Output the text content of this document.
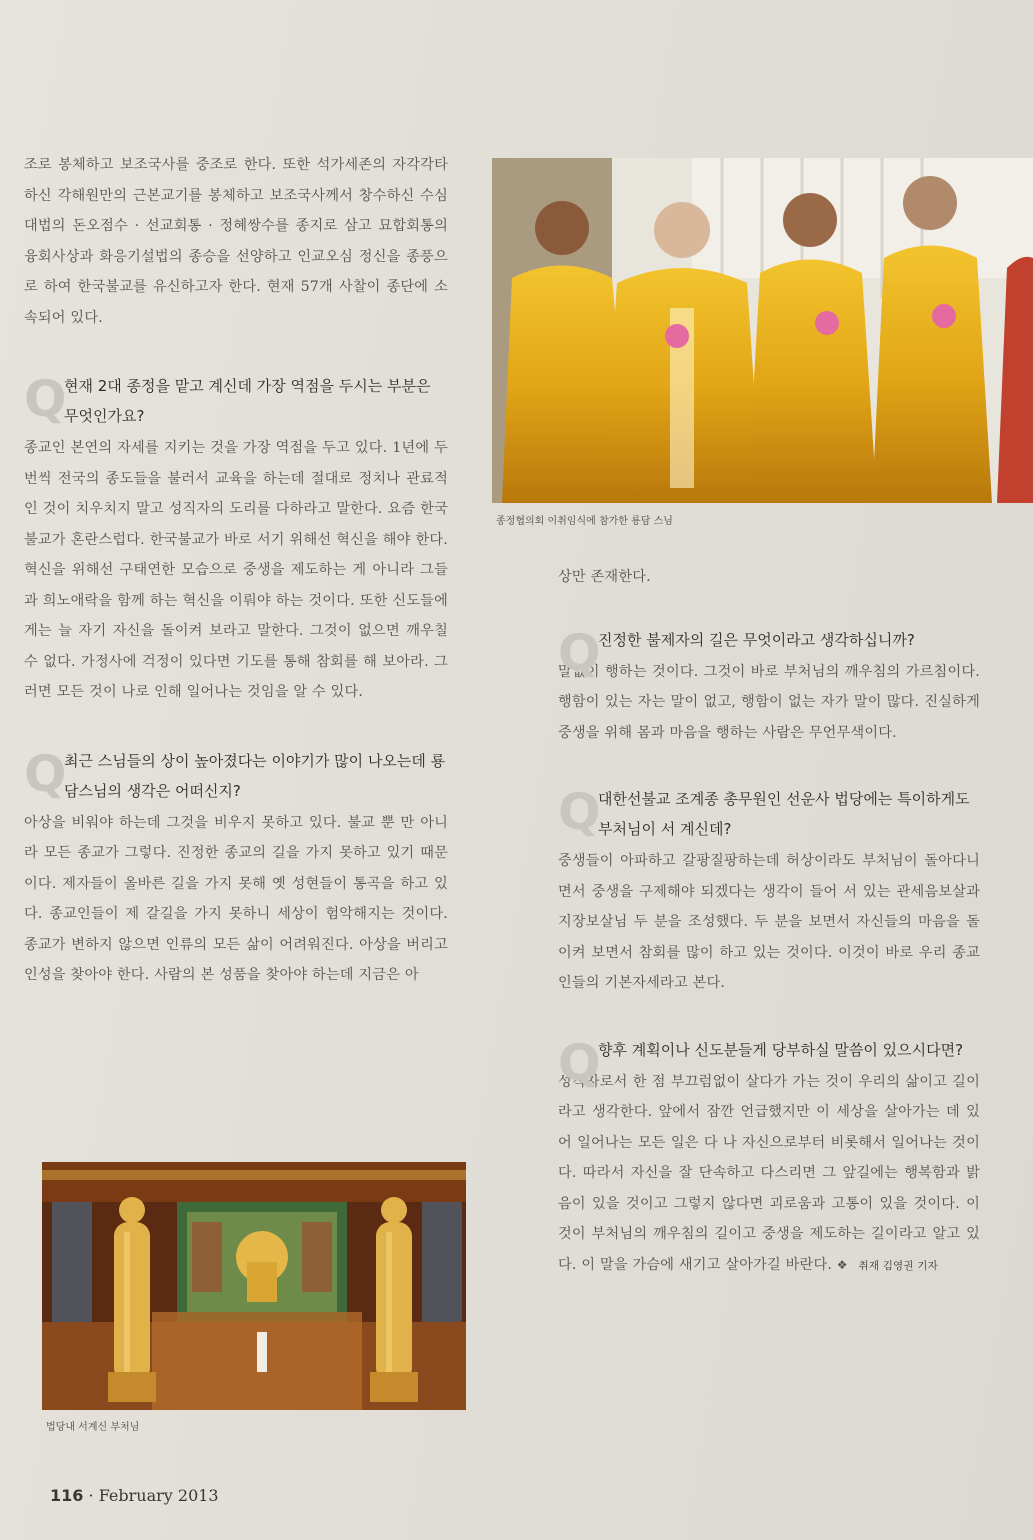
조로 봉체하고 보조국사를 중조로 한다. 또한 석가세존의 자각각타하신 각해원만의 근본교기를 봉체하고 보조국사께서 창수하신 수심대법의 돈오점수 · 선교회통 · 정혜쌍수를 종지로 삼고 묘합회통의 융회사상과 화응기설법의 종승을 선양하고 인교오심 정신을 종풍으로 하여 한국불교를 유신하고자 한다. 현재 57개 사찰이 종단에 소속되어 있다.

Q

현재 2대 종정을 맡고 계신데 가장 역점을 두시는 부분은 무엇인가요?

종교인 본연의 자세를 지키는 것을 가장 역점을 두고 있다. 1년에 두 번씩 전국의 종도들을 불러서 교육을 하는데 절대로 정치나 관료적인 것이 치우치지 말고 성직자의 도리를 다하라고 말한다. 요즘 한국불교가 혼란스럽다. 한국불교가 바로 서기 위해선 혁신을 해야 한다. 혁신을 위해선 구태연한 모습으로 중생을 제도하는 게 아니라 그들과 희노애락을 함께 하는 혁신을 이뤄야 하는 것이다. 또한 신도들에게는 늘 자기 자신을 돌이켜 보라고 말한다. 그것이 없으면 깨우칠 수 없다. 가정사에 걱정이 있다면 기도를 통해 참회를 해 보아라. 그러면 모든 것이 나로 인해 일어나는 것임을 알 수 있다.

Q

최근 스님들의 상이 높아졌다는 이야기가 많이 나오는데 룡담스님의 생각은 어떠신지?

아상을 비워야 하는데 그것을 비우지 못하고 있다. 불교 뿐 만 아니라 모든 종교가 그렇다. 진정한 종교의 길을 가지 못하고 있기 때문이다. 제자들이 올바른 길을 가지 못해 옛 성현들이 통곡을 하고 있다. 종교인들이 제 갈길을 가지 못하니 세상이 험악해지는 것이다. 종교가 변하지 않으면 인류의 모든 삶이 어려워진다. 아상을 버리고 인성을 찾아야 한다. 사람의 본 성품을 찾아야 하는데 지금은 아

법당내 서계신 부처님
종정협의회 이취임식에 참가한 룡담 스님

상만 존재한다.

Q

진정한 불제자의 길은 무엇이라고 생각하십니까?

말없이 행하는 것이다. 그것이 바로 부처님의 깨우침의 가르침이다. 행함이 있는 자는 말이 없고, 행함이 없는 자가 말이 많다. 진실하게 중생을 위해 몸과 마음을 행하는 사람은 무언무색이다.

Q

대한선불교 조계종 총무원인 선운사 법당에는 특이하게도 부처님이 서 계신데?

중생들이 아파하고 갈팡질팡하는데 허상이라도 부처님이 돌아다니면서 중생을 구제해야 되겠다는 생각이 들어 서 있는 관세음보살과 지장보살님 두 분을 조성했다. 두 분을 보면서 자신들의 마음을 돌이켜 보면서 참회를 많이 하고 있는 것이다. 이것이 바로 우리 종교인들의 기본자세라고 본다.

Q

향후 계획이나 신도분들게 당부하실 말씀이 있으시다면?

성직자로서 한 점 부끄럼없이 살다가 가는 것이 우리의 삶이고 길이라고 생각한다. 앞에서 잠깐 언급했지만 이 세상을 살아가는 데 있어 일어나는 모든 일은 다 나 자신으로부터 비롯해서 일어나는 것이다. 따라서 자신을 잘 단속하고 다스리면 그 앞길에는 행복함과 밝음이 있을 것이고 그렇지 않다면 괴로움과 고통이 있을 것이다. 이것이 부처님의 깨우침의 길이고 중생을 제도하는 길이라고 알고 있다. 이 말을 가슴에 새기고 살아가길 바란다. ❖ 취재 김영권 기자

116 · February 2013
